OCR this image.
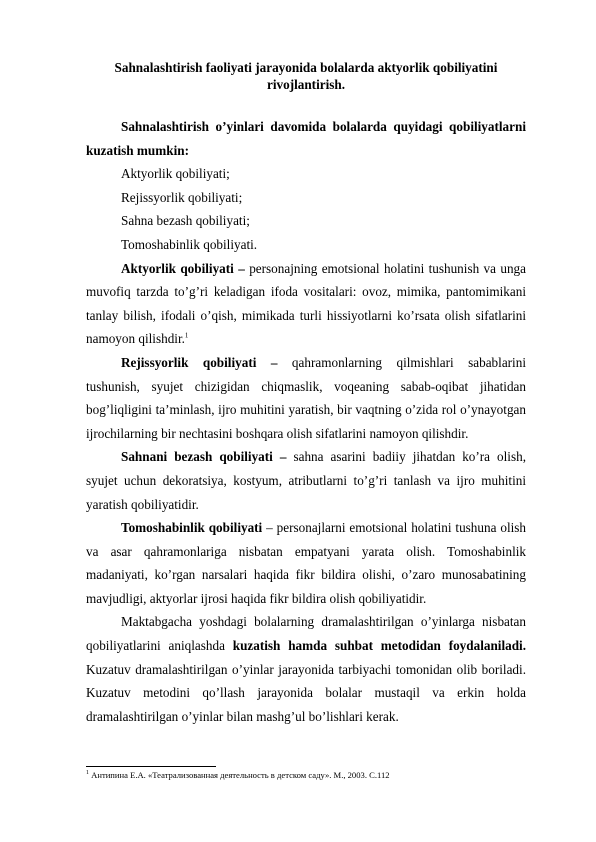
Sahnalashtirish faoliyati jarayonida bolalarda aktyorlik qobiliyatini
rivojlantirish.

Sahnalashtirish o’yinlari davomida bolalarda quyidagi qobiliyatlarni kuzatish mumkin:

Aktyorlik qobiliyati;

Rejissyorlik qobiliyati;

Sahna bezash qobiliyati;

Tomoshabinlik qobiliyati.

Aktyorlik qobiliyati – personajning emotsional holatini tushunish va unga muvofiq tarzda to’g’ri keladigan ifoda vositalari: ovoz, mimika, pantomimikani tanlay bilish, ifodali o’qish, mimikada turli hissiyotlarni ko’rsata olish sifatlarini namoyon qilishdir.$^1$

Rejissyorlik qobiliyati – qahramonlarning qilmishlari sabablarini tushunish, syujet chizigidan chiqmaslik, voqeaning sabab-oqibat jihatidan bog’liqligini ta’minlash, ijro muhitini yaratish, bir vaqtning o’zida rol o’ynayotgan ijrochilarning bir nechtasini boshqara olish sifatlarini namoyon qilishdir.

Sahnani bezash qobiliyati – sahna asarini badiiy jihatdan ko’ra olish, syujet uchun dekoratsiya, kostyum, atributlarni to’g’ri tanlash va ijro muhitini yaratish qobiliyatidir.

Tomoshabinlik qobiliyati – personajlarni emotsional holatini tushuna olish va asar qahramonlariga nisbatan empatyani yarata olish. Tomoshabinlik madaniyati, ko’rgan narsalari haqida fikr bildira olishi, o’zaro munosabatining mavjudligi, aktyorlar ijrosi haqida fikr bildira olish qobiliyatidir.

Maktabgacha yoshdagi bolalarning dramalashtirilgan o’yinlarga nisbatan qobiliyatlarini aniqlashda kuzatish hamda suhbat metodidan foydalaniladi. Kuzatuv dramalashtirilgan o’yinlar jarayonida tarbiyachi tomonidan olib boriladi. Kuzatuv metodini qo’llash jarayonida bolalar mustaqil va erkin holda dramalashtirilgan o’yinlar bilan mashg’ul bo’lishlari kerak.

$^1$ Антипина Е.А. «Театрализованная деятельность в детском саду». М., 2003. С.112
